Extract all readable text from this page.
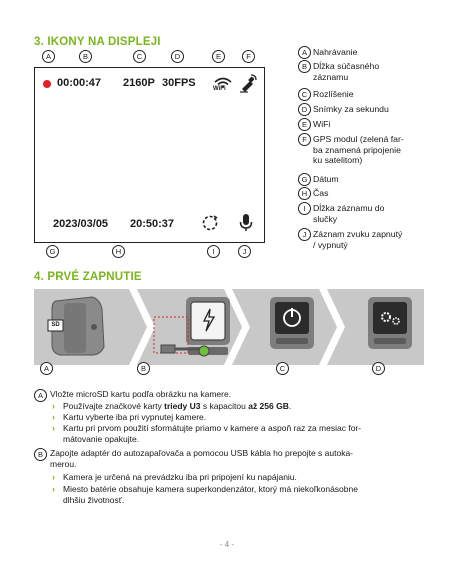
3. IKONY NA DISPLEJI
A	B	C	D	E	F
00:00:47 2160P 30FPS	WiFi
2023/03/05 20:50:37
G	H	I	J
A Nahrávanie
B Dĺžka súčasného
záznamu
C Rozlíšenie
D Snímky za sekundu
E WiFi
F GPS modul (zelená far-
ba znamená pripojenie
ku satelitom)
G Dátum
H Čas
I Dĺžka záznamu do
slučky
J Záznam zvuku zapnutý
/ vypnutý
4. PRVÉ ZAPNUTIE
SD
A	B	C	D
A Vložte microSD kartu podľa obrázku na kamere.
› Používajte značkové karty triedy U3 s kapacitou až 256 GB.
› Kartu vyberte iba pri vypnutej kamere.
› Kartu pri prvom použití sformátujte priamo v kamere a aspoň raz za mesiac for-
mátovanie opakujte.
B Zapojte adaptér do autozapaľovača a pomocou USB kábla ho prepojte s autoka-
merou.
› Kamera je určená na prevádzku iba pri pripojení ku napájaniu.
› Miesto batérie obsahuje kamera superkondenzátor, ktorý má niekoľkonásobne
dlhšiu životnosť.
- 4 -
